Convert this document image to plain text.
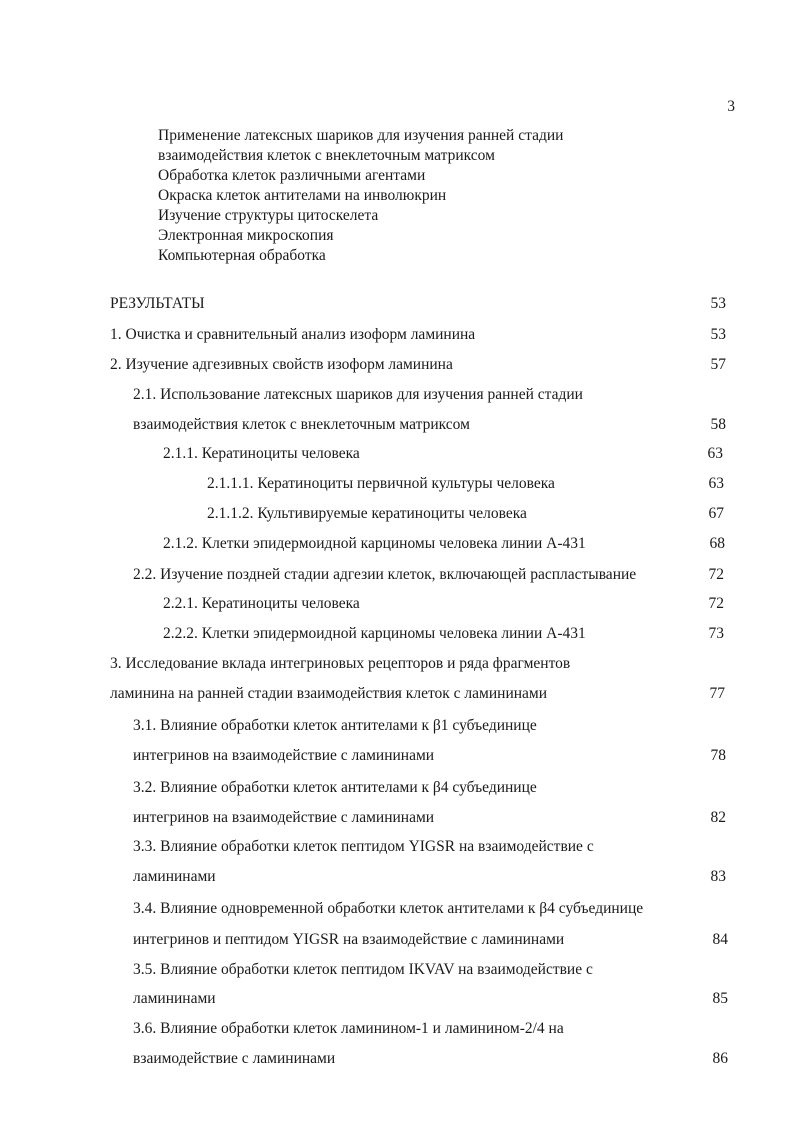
3
Применение латексных шариков для изучения ранней стадии
взаимодействия клеток с внеклеточным матриксом
Обработка клеток различными агентами
Окраска клеток антителами на инволюкрин
Изучение структуры цитоскелета
Электронная микроскопия
Компьютерная обработка
РЕЗУЛЬТАТЫ	53
1. Очистка и сравнительный анализ изоформ ламинина	53
2. Изучение адгезивных свойств изоформ ламинина	57
2.1. Использование латексных шариков для изучения ранней стадии
взаимодействия клеток с внеклеточным матриксом	58
2.1.1. Кератиноциты человека	63
2.1.1.1. Кератиноциты первичной культуры человека	63
2.1.1.2. Культивируемые кератиноциты человека	67
2.1.2. Клетки эпидермоидной карциномы человека линии А-431	68
2.2. Изучение поздней стадии адгезии клеток, включающей распластывание	72
2.2.1. Кератиноциты человека	72
2.2.2. Клетки эпидермоидной карциномы человека линии А-431	73
3. Исследование вклада интегриновых рецепторов и ряда фрагментов
ламинина на ранней стадии взаимодействия клеток с ламининами	77
3.1. Влияние обработки клеток антителами к β1 субъединице
интегринов на взаимодействие с ламининами	78
3.2. Влияние обработки клеток антителами к β4 субъединице
интегринов на взаимодействие с ламининами	82
3.3. Влияние обработки клеток пептидом YIGSR на взаимодействие с
ламининами	83
3.4. Влияние одновременной обработки клеток антителами к β4 субъединице
интегринов и пептидом YIGSR на взаимодействие с ламининами	84
3.5. Влияние обработки клеток пептидом IKVAV на взаимодействие с
ламининами	85
3.6. Влияние обработки клеток ламинином-1 и ламинином-2/4 на
взаимодействие с ламининами	86
